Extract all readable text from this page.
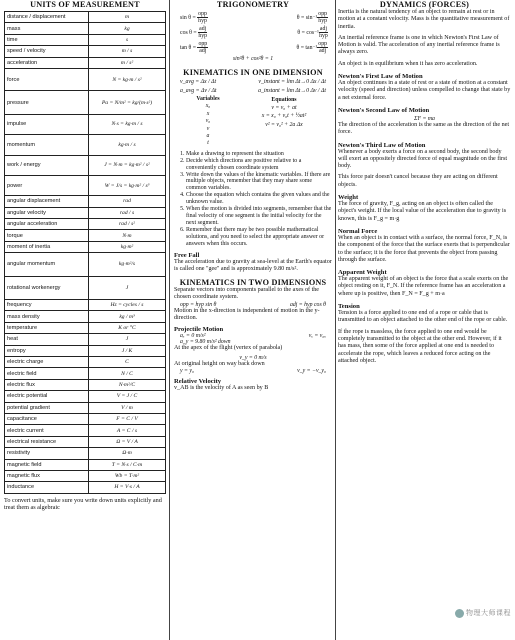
UNITS OF MEASUREMENT
distance / displacement	m
mass	kg
time	s
speed / velocity	m / s
acceleration	m / s²
force	N = kg·m / s²
pressure	Pa = N/m² = kg/(m·s²)
impulse	N·s = kg·m / s
momentum	kg·m / s
work / energy	J = N·m = kg·m² / s²
power	W = J/s = kg·m² / s³
angular displacement	rad
angular velocity	rad / s
angular acceleration	rad / s²
torque	N·m
moment of inertia	kg·m²
angular momentum	kg·m²/s
rotational workenergy	J
frequency	Hz = cycles / s
mass density	kg / m³
temperature	K or °C
heat	J
entropy	J / K
electric charge	C
electric field	N / C
electric flux	N·m²/C
electric potential	V = J / C
potential gradient	V / m
capacitance	F = C / V
electric current	A = C / s
electrical resistance	Ω = V / A
resistivity	Ω·m
magnetic field	T = N·s / C·m
magnetic flux	Wb = T·m²
inductance	H = V·s / A

To convert units, make sure you write down units explicitly and treat them as algebraic

TRIGONOMETRY
$\sin \theta = \frac{\text{opp}}{\text{hyp}}$	$\theta = \sin^{-1} \frac{\text{opp}}{\text{hyp}}$
$\cos \theta = \frac{\text{adj}}{\text{hyp}}$	$\theta = \cos^{-1} \frac{\text{adj}}{\text{hyp}}$
$\tan \theta = \frac{\text{opp}}{\text{adj}}$	$\theta = \tan^{-1} \frac{\text{opp}}{\text{adj}}$
sin²θ + cos²θ = 1
KINEMATICS IN ONE DIMENSION
v_avg = Δx / Δt	v_instant = lim Δt→0 Δx / Δt
a_avg = Δv / Δt	a_instant = lim Δt→0 Δv / Δt
Variables
x₀
x
v₀
v
a
t
Equations
v = v₀ + at
x = x₀ + v₀t + ½at²
v² = v₀² + 2a Δx
1. Make a drawing to represent the situation
2. Decide which directions are positive relative to a conveniently chosen coordinate system
3. Write down the values of the kinematic variables. If there are multiple objects, remember that they may share some common variables.
4. Choose the equation which contains the given values and the unknown value.
5. When the motion is divided into segments, remember that the final velocity of one segment is the initial velocity for the next segment.
6. Remember that there may be two possible mathematical solutions, and you need to select the appropriate answer or answers when this occurs.
Free Fall

The acceleration due to gravity at sea-level at the Earth's equator is called one "gee" and is approximately 9.80 m/s².

KINEMATICS IN TWO DIMENSIONS

Separate vectors into components parallel to the axes of the chosen coordinate system.

opp = hyp sin θ	adj = hyp cos θ

Motion in the x-direction is independent of motion in the y-direction.

Projectile Motion
aₓ = 0 m/s²	vₓ = v₀ₓ
a_y = 9.80 m/s² down

At the apex of the flight (vertex of parabola)

v_y = 0 m/s

At original height on way back down

y = y₀	v_y = −v_y₀
Relative Velocity

v_AB is the velocity of A as seen by B

DYNAMICS (FORCES)

Inertia is the natural tendency of an object to remain at rest or in motion at a constant velocity. Mass is the quantitative measurement of inertia.

An inertial reference frame is one in which Newton's First Law of Motion is valid. The acceleration of any inertial reference frame is always zero.

An object is in equilibrium when it has zero acceleration.

Newton's First Law of Motion

An object continues in a state of rest or a state of motion at a constant velocity (speed and direction) unless compelled to change that state by a net external force.

Newton's Second Law of Motion
ΣF = ma

The direction of the acceleration is the same as the direction of the net force.

Newton's Third Law of Motion

Whenever a body exerts a force on a second body, the second body will exert an oppositely directed force of equal magnitude on the first body.

This force pair doesn't cancel because they are acting on different objects.

Weight

The force of gravity, F_g, acting on an object is often called the object's weight. If the local value of the acceleration due to gravity is known, this is F_g = m·g

Normal Force

When an object is in contact with a surface, the normal force, F_N, is the component of the force that the surface exerts that is perpendicular to the surface; it is the force that prevents the object from passing through the surface.

Apparent Weight

The apparent weight of an object is the force that a scale exerts on the object resting on it, F_N. If the reference frame has an acceleration a where up is positive, then F_N = F_g + m·a

Tension

Tension is a force applied to one end of a rope or cable that is transmitted to an object attached to the other end of the rope or cable.

If the rope is massless, the force applied to one end would be completely transmitted to the object at the other end. However, if it has mass, then some of the force applied at one end is needed to accelerate the rope, which leaves a reduced force acting on the attached object.

物理大师课程
